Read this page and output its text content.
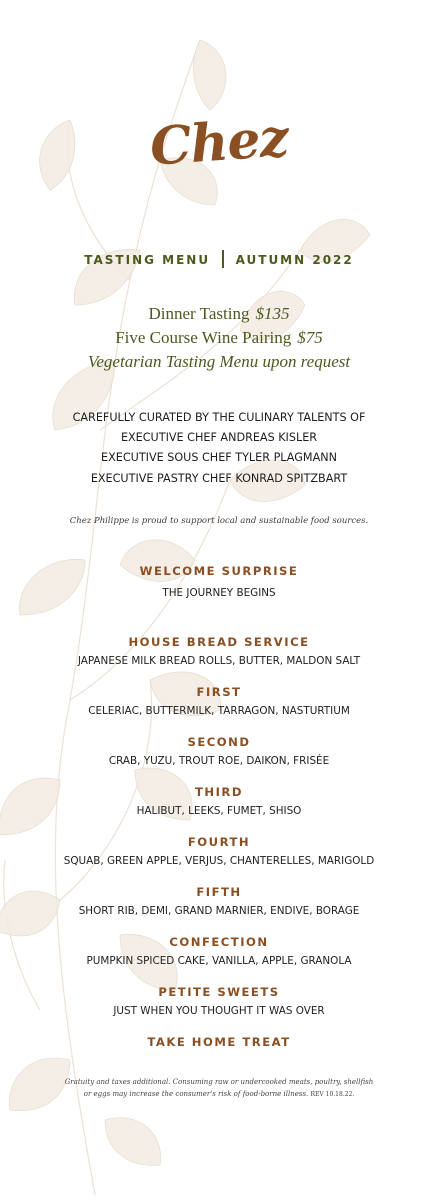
Chez
TASTING MENU AUTUMN 2022
Dinner Tasting $135
Five Course Wine Pairing $75
Vegetarian Tasting Menu upon request
CAREFULLY CURATED BY THE CULINARY TALENTS OF
EXECUTIVE CHEF ANDREAS KISLER
EXECUTIVE SOUS CHEF TYLER PLAGMANN
EXECUTIVE PASTRY CHEF KONRAD SPITZBART
Chez Philippe is proud to support local and sustainable food sources.
WELCOME SURPRISE
THE JOURNEY BEGINS
HOUSE BREAD SERVICE
JAPANESE MILK BREAD ROLLS, BUTTER, MALDON SALT
FIRST
CELERIAC, BUTTERMILK, TARRAGON, NASTURTIUM
SECOND
CRAB, YUZU, TROUT ROE, DAIKON, FRISÉE
THIRD
HALIBUT, LEEKS, FUMET, SHISO
FOURTH
SQUAB, GREEN APPLE, VERJUS, CHANTERELLES, MARIGOLD
FIFTH
SHORT RIB, DEMI, GRAND MARNIER, ENDIVE, BORAGE
CONFECTION
PUMPKIN SPICED CAKE, VANILLA, APPLE, GRANOLA
PETITE SWEETS
JUST WHEN YOU THOUGHT IT WAS OVER
TAKE HOME TREAT
Gratuity and taxes additional. Consuming raw or undercooked meats, poultry, shellfish
or eggs may increase the consumer's risk of food-borne illness. REV 10.18.22.
